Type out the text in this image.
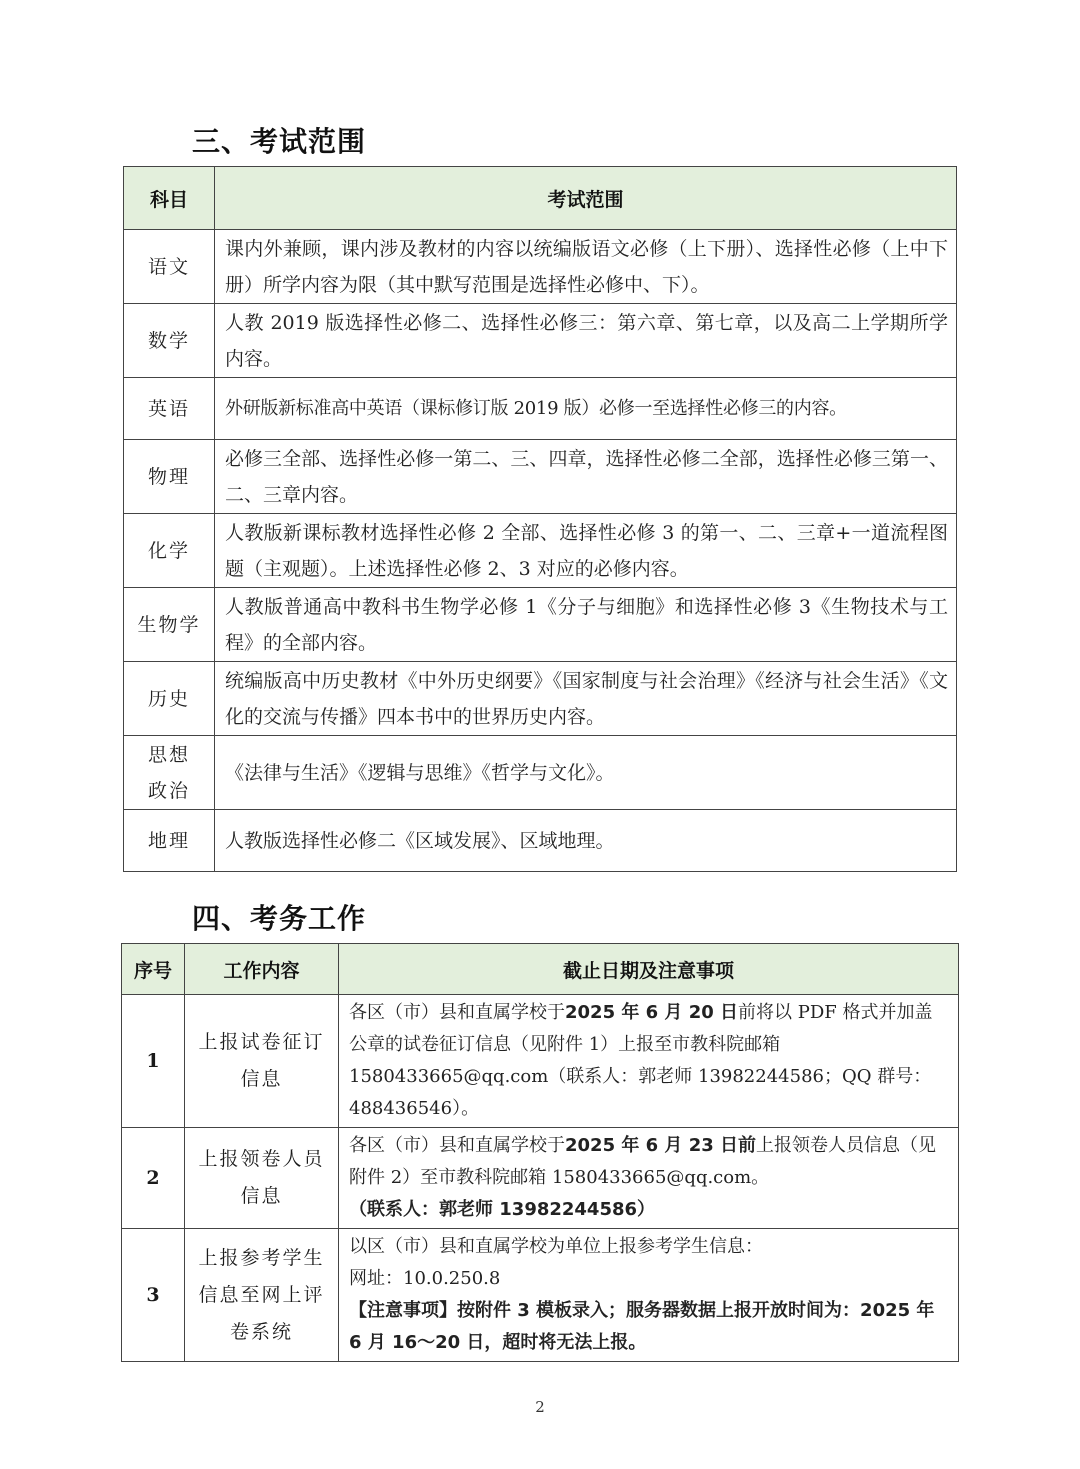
三、考试范围
科目	考试范围
语文	课内外兼顾，课内涉及教材的内容以统编版语文必修（上下册）、选择性必修（上中下册）所学内容为限（其中默写范围是选择性必修中、下）。
数学	人教 2019 版选择性必修二、选择性必修三：第六章、第七章，以及高二上学期所学内容。
英语	外研版新标准高中英语（课标修订版 2019 版）必修一至选择性必修三的内容。
物理	必修三全部、选择性必修一第二、三、四章，选择性必修二全部，选择性必修三第一、二、三章内容。
化学	人教版新课标教材选择性必修 2 全部、选择性必修 3 的第一、二、三章+一道流程图题（主观题）。上述选择性必修 2、3 对应的必修内容。
生物学	人教版普通高中教科书生物学必修 1《分子与细胞》和选择性必修 3《生物技术与工程》的全部内容。
历史	统编版高中历史教材《中外历史纲要》《国家制度与社会治理》《经济与社会生活》《文化的交流与传播》四本书中的世界历史内容。
思想政治	《法律与生活》《逻辑与思维》《哲学与文化》。
地理	人教版选择性必修二《区域发展》、区域地理。
四、考务工作
序号	工作内容	截止日期及注意事项
1	上报试卷征订信息	各区（市）县和直属学校于2025 年 6 月 20 日前将以 PDF 格式并加盖公章的试卷征订信息（见附件 1）上报至市教科院邮箱 1580433665@qq.com（联系人：郭老师 13982244586；QQ 群号：488436546）。
2	上报领卷人员信息	各区（市）县和直属学校于2025 年 6 月 23 日前上报领卷人员信息（见附件 2）至市教科院邮箱 1580433665@qq.com。
（联系人：郭老师 13982244586）

3	上报参考学生信息至网上评卷系统	以区（市）县和直属学校为单位上报参考学生信息：
网址：10.0.250.8
【注意事项】按附件 3 模板录入；服务器数据上报开放时间为：2025 年 6 月 16～20 日，超时将无法上报。
2
